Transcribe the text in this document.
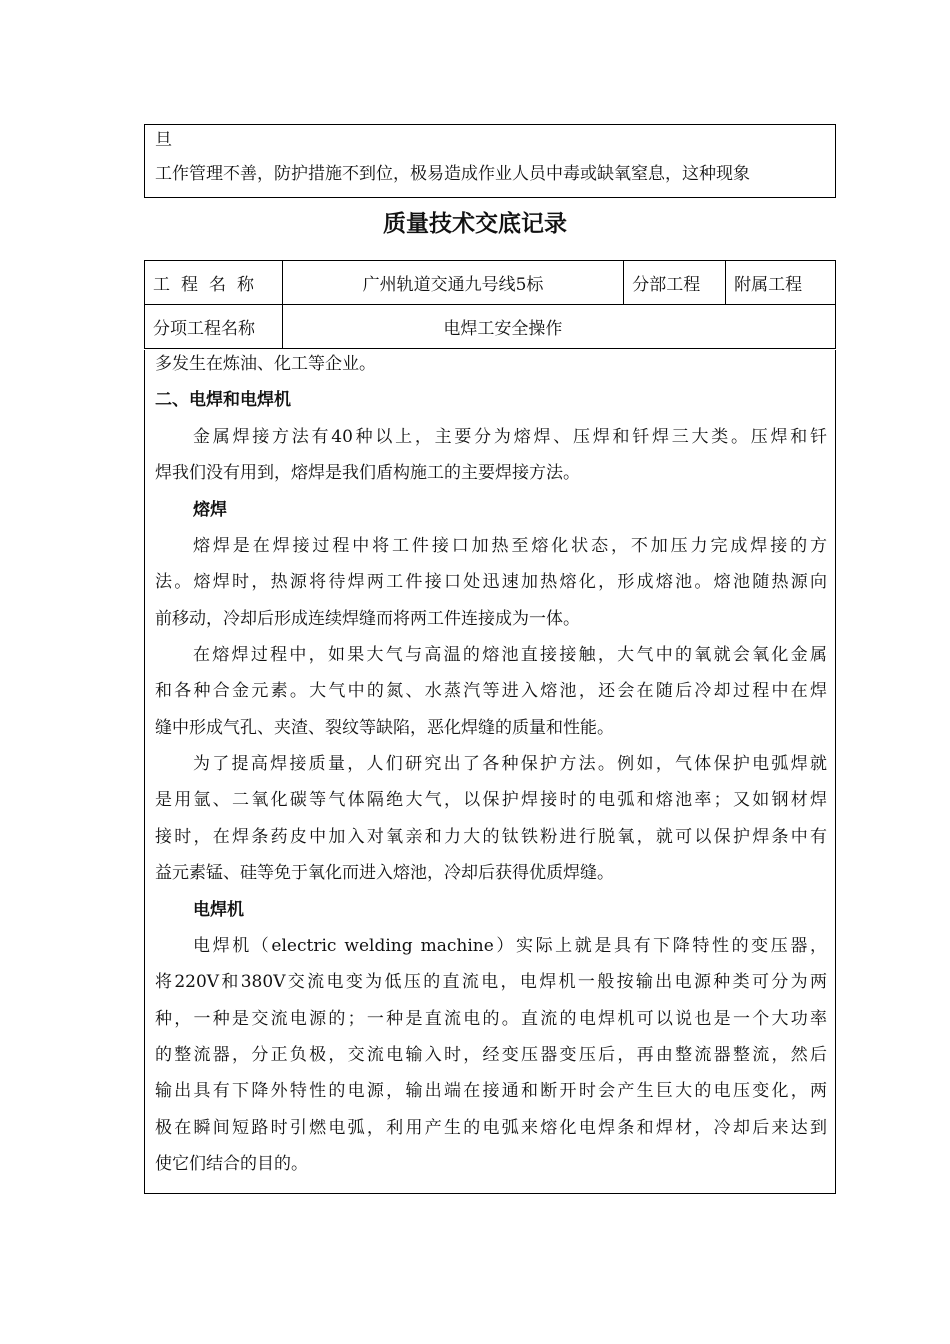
旦
工作管理不善，防护措施不到位，极易造成作业人员中毒或缺氧窒息，这种现象
质量技术交底记录
工程名称	广州轨道交通九号线5标	分部工程	附属工程
分项工程名称	电焊工安全操作		

多发生在炼油、化工等企业。

二、电焊和电焊机

金属焊接方法有40种以上，主要分为熔焊、压焊和钎焊三大类。压焊和钎

焊我们没有用到，熔焊是我们盾构施工的主要焊接方法。

熔焊

熔焊是在焊接过程中将工件接口加热至熔化状态，不加压力完成焊接的方

法。熔焊时，热源将待焊两工件接口处迅速加热熔化，形成熔池。熔池随热源向

前移动，冷却后形成连续焊缝而将两工件连接成为一体。

在熔焊过程中，如果大气与高温的熔池直接接触，大气中的氧就会氧化金属

和各种合金元素。大气中的氮、水蒸汽等进入熔池，还会在随后冷却过程中在焊

缝中形成气孔、夹渣、裂纹等缺陷，恶化焊缝的质量和性能。

为了提高焊接质量，人们研究出了各种保护方法。例如，气体保护电弧焊就

是用氩、二氧化碳等气体隔绝大气，以保护焊接时的电弧和熔池率；又如钢材焊

接时，在焊条药皮中加入对氧亲和力大的钛铁粉进行脱氧，就可以保护焊条中有

益元素锰、硅等免于氧化而进入熔池，冷却后获得优质焊缝。

电焊机

电焊机（electric welding machine）实际上就是具有下降特性的变压器，

将220V和380V交流电变为低压的直流电，电焊机一般按输出电源种类可分为两

种，一种是交流电源的；一种是直流电的。直流的电焊机可以说也是一个大功率

的整流器，分正负极，交流电输入时，经变压器变压后，再由整流器整流，然后

输出具有下降外特性的电源，输出端在接通和断开时会产生巨大的电压变化，两

极在瞬间短路时引燃电弧，利用产生的电弧来熔化电焊条和焊材，冷却后来达到

使它们结合的目的。
